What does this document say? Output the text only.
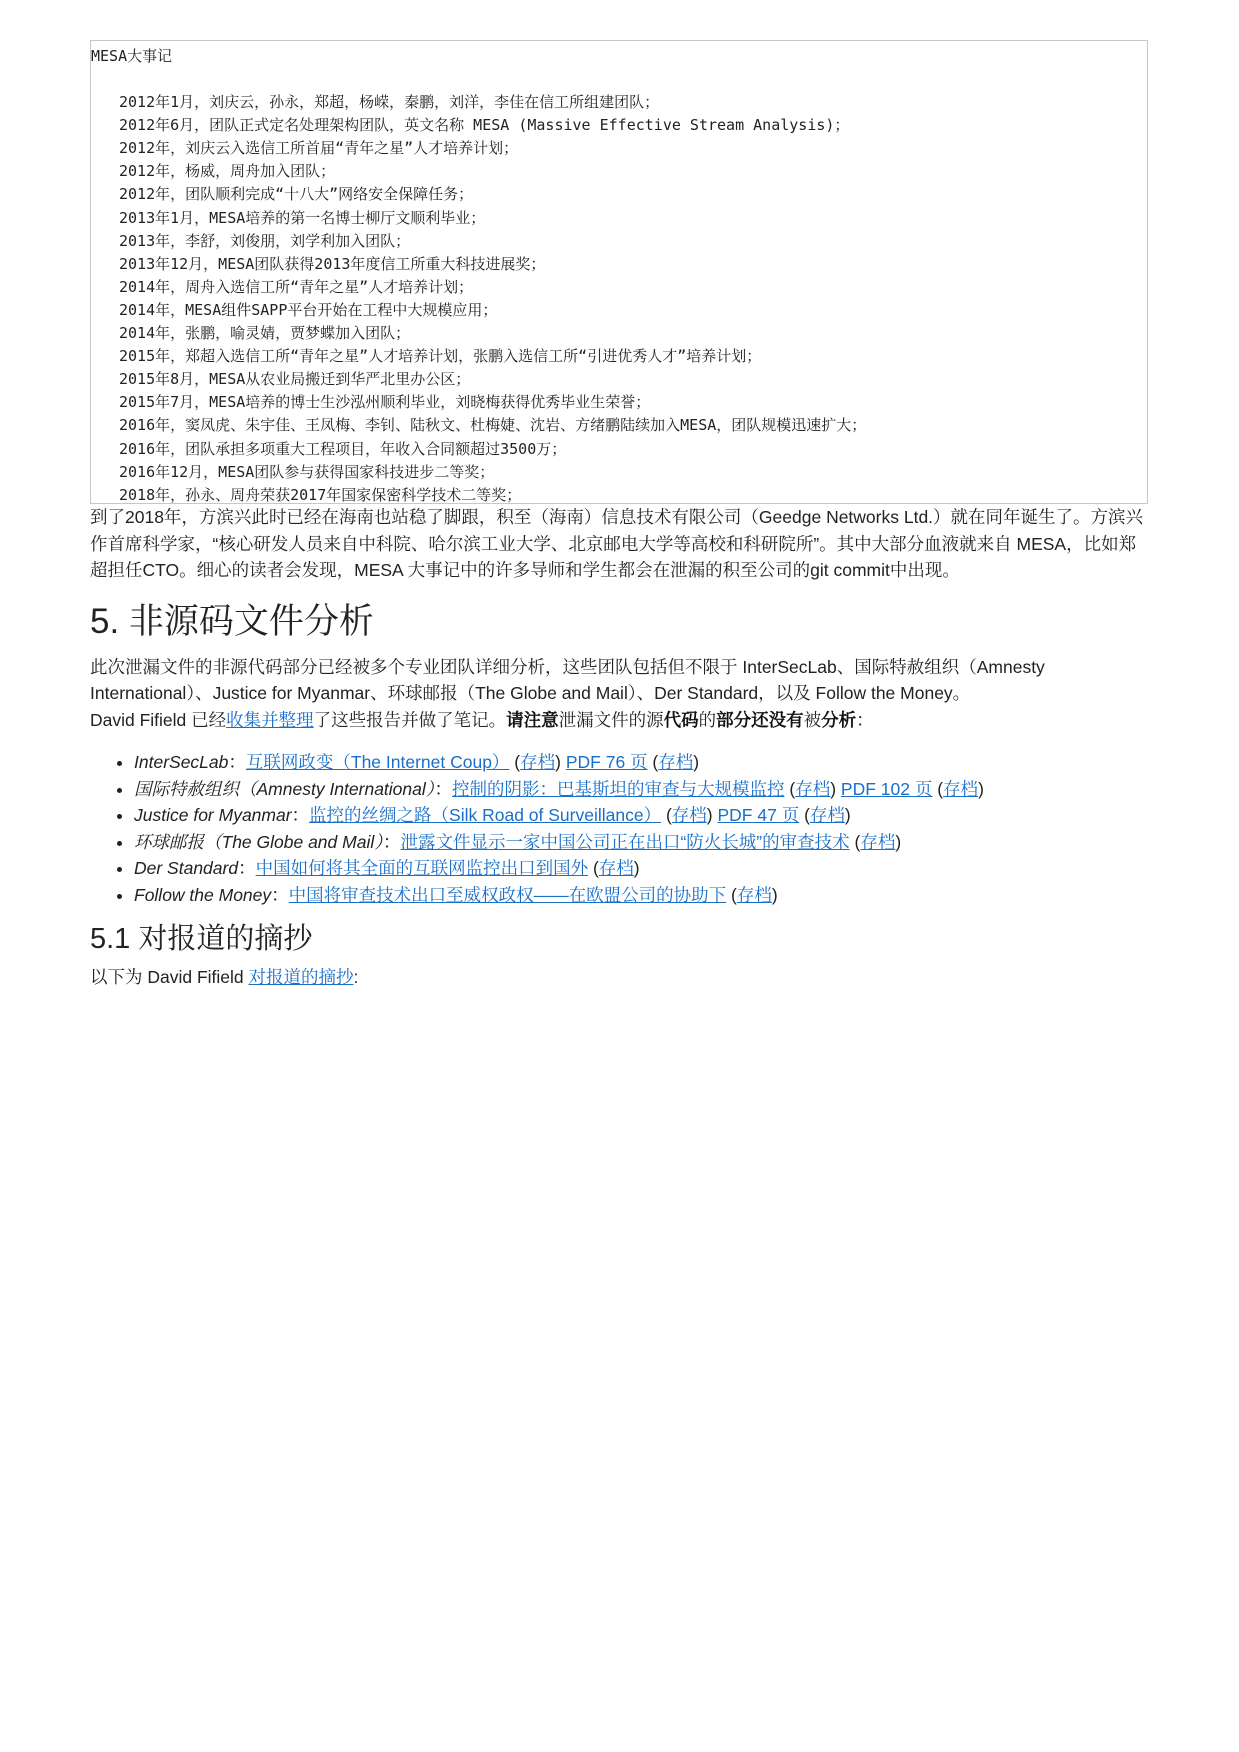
MESA大事记
2012年1月，刘庆云，孙永，郑超，杨嵘，秦鹏，刘洋，李佳在信工所组建团队；
2012年6月，团队正式定名处理架构团队，英文名称 MESA (Massive Effective Stream Analysis)；
2012年，刘庆云入选信工所首届“青年之星”人才培养计划；
2012年，杨威，周舟加入团队；
2012年，团队顺利完成“十八大”网络安全保障任务；
2013年1月，MESA培养的第一名博士柳厅文顺利毕业；
2013年，李舒，刘俊朋，刘学利加入团队；
2013年12月，MESA团队获得2013年度信工所重大科技进展奖；
2014年，周舟入选信工所“青年之星”人才培养计划；
2014年，MESA组件SAPP平台开始在工程中大规模应用；
2014年，张鹏，喻灵婧，贾梦蝶加入团队；
2015年，郑超入选信工所“青年之星”人才培养计划，张鹏入选信工所“引进优秀人才”培养计划；
2015年8月，MESA从农业局搬迁到华严北里办公区；
2015年7月，MESA培养的博士生沙泓州顺利毕业，刘晓梅获得优秀毕业生荣誉；
2016年，窦凤虎、朱宇佳、王凤梅、李钊、陆秋文、杜梅婕、沈岩、方绪鹏陆续加入MESA，团队规模迅速扩大；
2016年，团队承担多项重大工程项目，年收入合同额超过3500万；
2016年12月，MESA团队参与获得国家科技进步二等奖；
2018年，孙永、周舟荣获2017年国家保密科学技术二等奖；

到了2018年，方滨兴此时已经在海南也站稳了脚跟，积至（海南）信息技术有限公司（Geedge Networks Ltd.）就在同年诞生了。方滨兴作首席科学家，“核心研发人员来自中科院、哈尔滨工业大学、北京邮电大学等高校和科研院所”。其中大部分血液就来自 MESA，比如郑超担任CTO。细心的读者会发现，MESA 大事记中的许多导师和学生都会在泄漏的积至公司的git commit中出现。

5. 非源码文件分析

此次泄漏文件的非源代码部分已经被多个专业团队详细分析，这些团队包括但不限于 InterSecLab、国际特赦组织（Amnesty International）、Justice for Myanmar、环球邮报（The Globe and Mail）、Der Standard，以及 Follow the Money。

David Fifield 已经收集并整理了这些报告并做了笔记。请注意泄漏文件的源代码的部分还没有被分析：

• InterSecLab：互联网政变（The Internet Coup） (存档) PDF 76 页 (存档)
• 国际特赦组织（Amnesty International）：控制的阴影：巴基斯坦的审查与大规模监控 (存档) PDF 102 页 (存档)
• Justice for Myanmar：监控的丝绸之路（Silk Road of Surveillance） (存档) PDF 47 页 (存档)
• 环球邮报（The Globe and Mail）：泄露文件显示一家中国公司正在出口“防火长城”的审查技术 (存档)
• Der Standard：中国如何将其全面的互联网监控出口到国外 (存档)
• Follow the Money：中国将审查技术出口至威权政权——在欧盟公司的协助下 (存档)
5.1 对报道的摘抄

以下为 David Fifield 对报道的摘抄:
